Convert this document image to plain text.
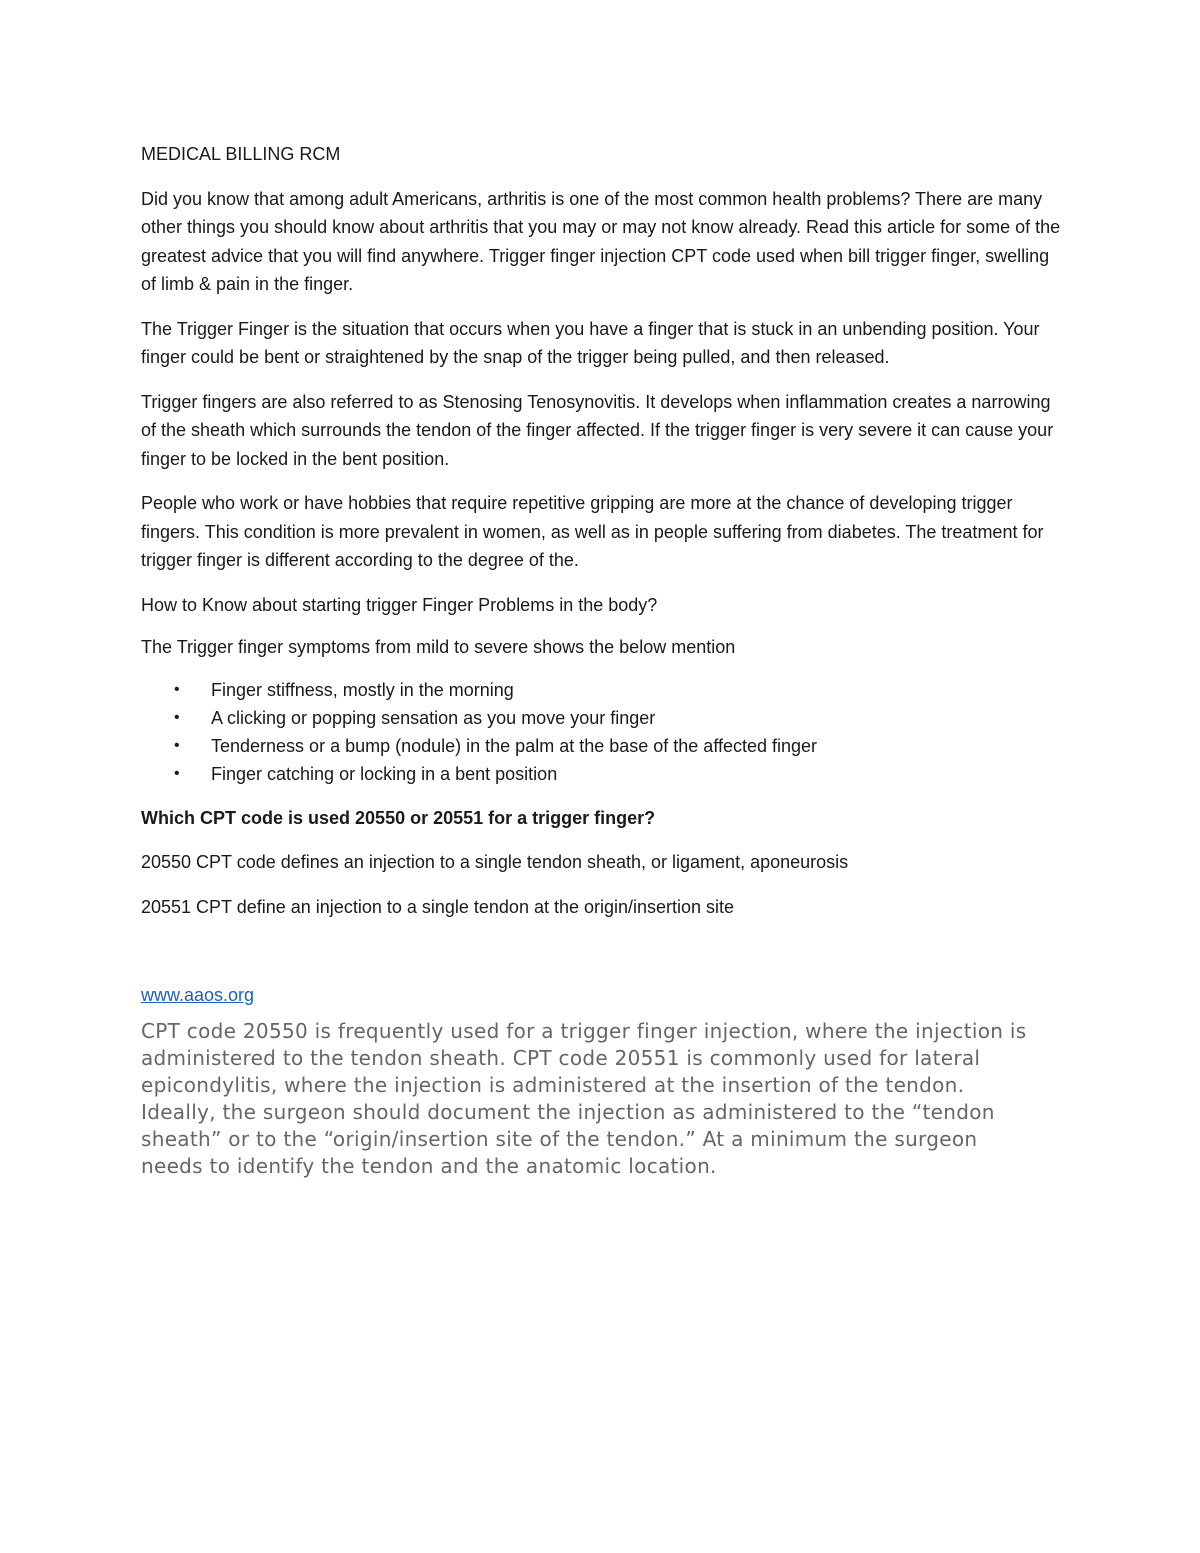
MEDICAL BILLING RCM

Did you know that among adult Americans, arthritis is one of the most common health problems? There are many other things you should know about arthritis that you may or may not know already. Read this article for some of the greatest advice that you will find anywhere. Trigger finger injection CPT code used when bill trigger finger, swelling of limb & pain in the finger.

The Trigger Finger is the situation that occurs when you have a finger that is stuck in an unbending position. Your finger could be bent or straightened by the snap of the trigger being pulled, and then released.

Trigger fingers are also referred to as Stenosing Tenosynovitis. It develops when inflammation creates a narrowing of the sheath which surrounds the tendon of the finger affected. If the trigger finger is very severe it can cause your finger to be locked in the bent position.

People who work or have hobbies that require repetitive gripping are more at the chance of developing trigger fingers. This condition is more prevalent in women, as well as in people suffering from diabetes. The treatment for trigger finger is different according to the degree of the.

How to Know about starting trigger Finger Problems in the body?

The Trigger finger symptoms from mild to severe shows the below mention

• Finger stiffness, mostly in the morning
• A clicking or popping sensation as you move your finger
• Tenderness or a bump (nodule) in the palm at the base of the affected finger
• Finger catching or locking in a bent position

Which CPT code is used 20550 or 20551 for a trigger finger?

20550 CPT code defines an injection to a single tendon sheath, or ligament, aponeurosis

20551 CPT define an injection to a single tendon at the origin/insertion site

www.aaos.org

CPT code 20550 is frequently used for a trigger finger injection, where the injection is administered to the tendon sheath. CPT code 20551 is commonly used for lateral epicondylitis, where the injection is administered at the insertion of the tendon. Ideally, the surgeon should document the injection as administered to the “tendon sheath” or to the “origin/insertion site of the tendon.” At a minimum the surgeon needs to identify the tendon and the anatomic location.
